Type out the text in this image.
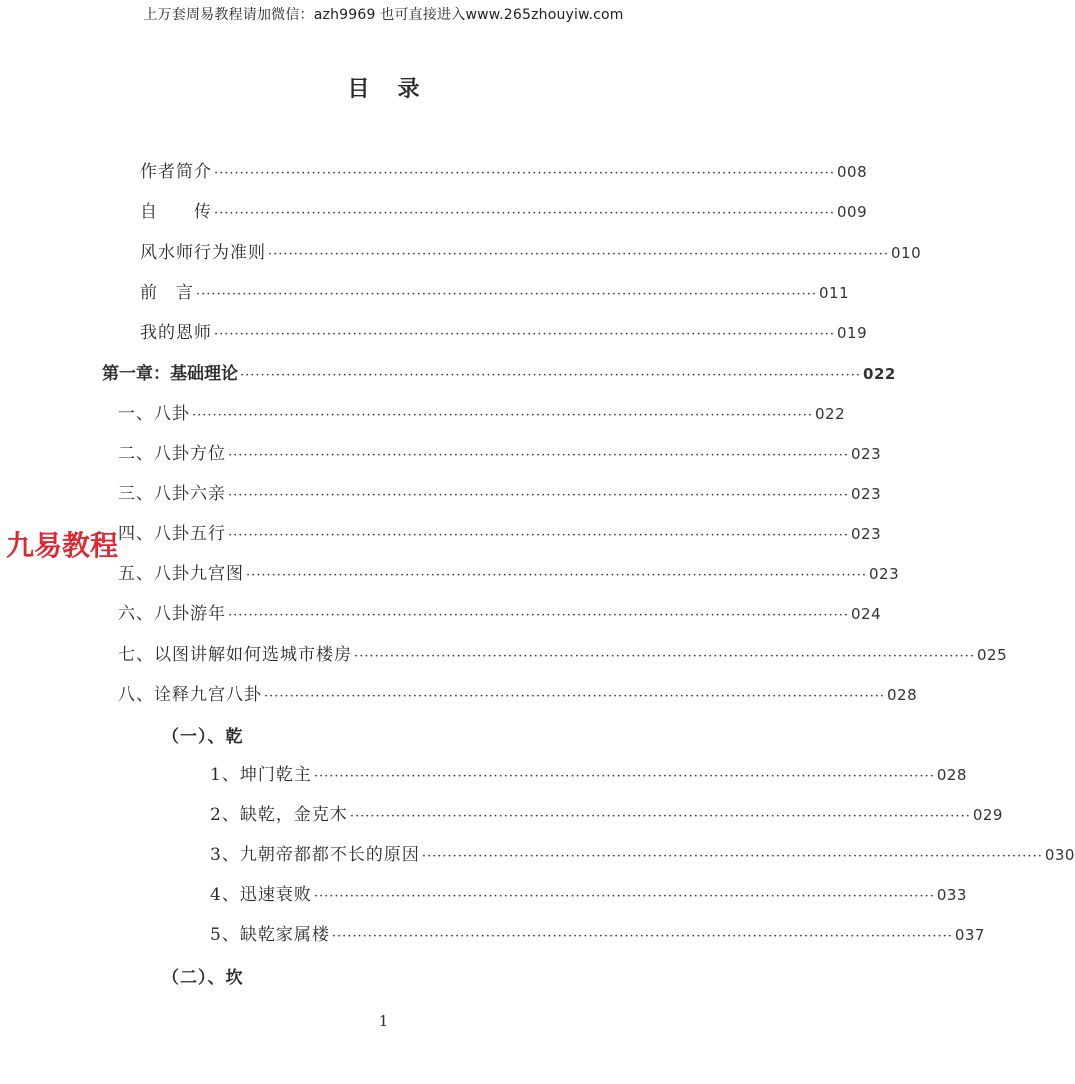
上万套周易教程请加微信：azh9969 也可直接进入www.265zhouyiw.com
目录
作者简介 ························································································································· 008
自　　传 ························································································································· 009
风水师行为准则 ························································································································· 010
前　言 ························································································································· 011
我的恩师 ························································································································· 019
第一章：基础理论 ························································································································· 022
一、八卦 ························································································································· 022
二、八卦方位 ························································································································· 023
三、八卦六亲 ························································································································· 023
四、八卦五行 ························································································································· 023
五、八卦九宫图 ························································································································· 023
六、八卦游年 ························································································································· 024
七、以图讲解如何选城市楼房 ························································································································· 025
八、诠释九宫八卦 ························································································································· 028
（一）、乾
1、坤门乾主 ························································································································· 028
2、缺乾，金克木 ························································································································· 029
3、九朝帝都都不长的原因 ························································································································· 030
4、迅速衰败 ························································································································· 033
5、缺乾家属楼 ························································································································· 037
（二）、坎
九易教程
1
